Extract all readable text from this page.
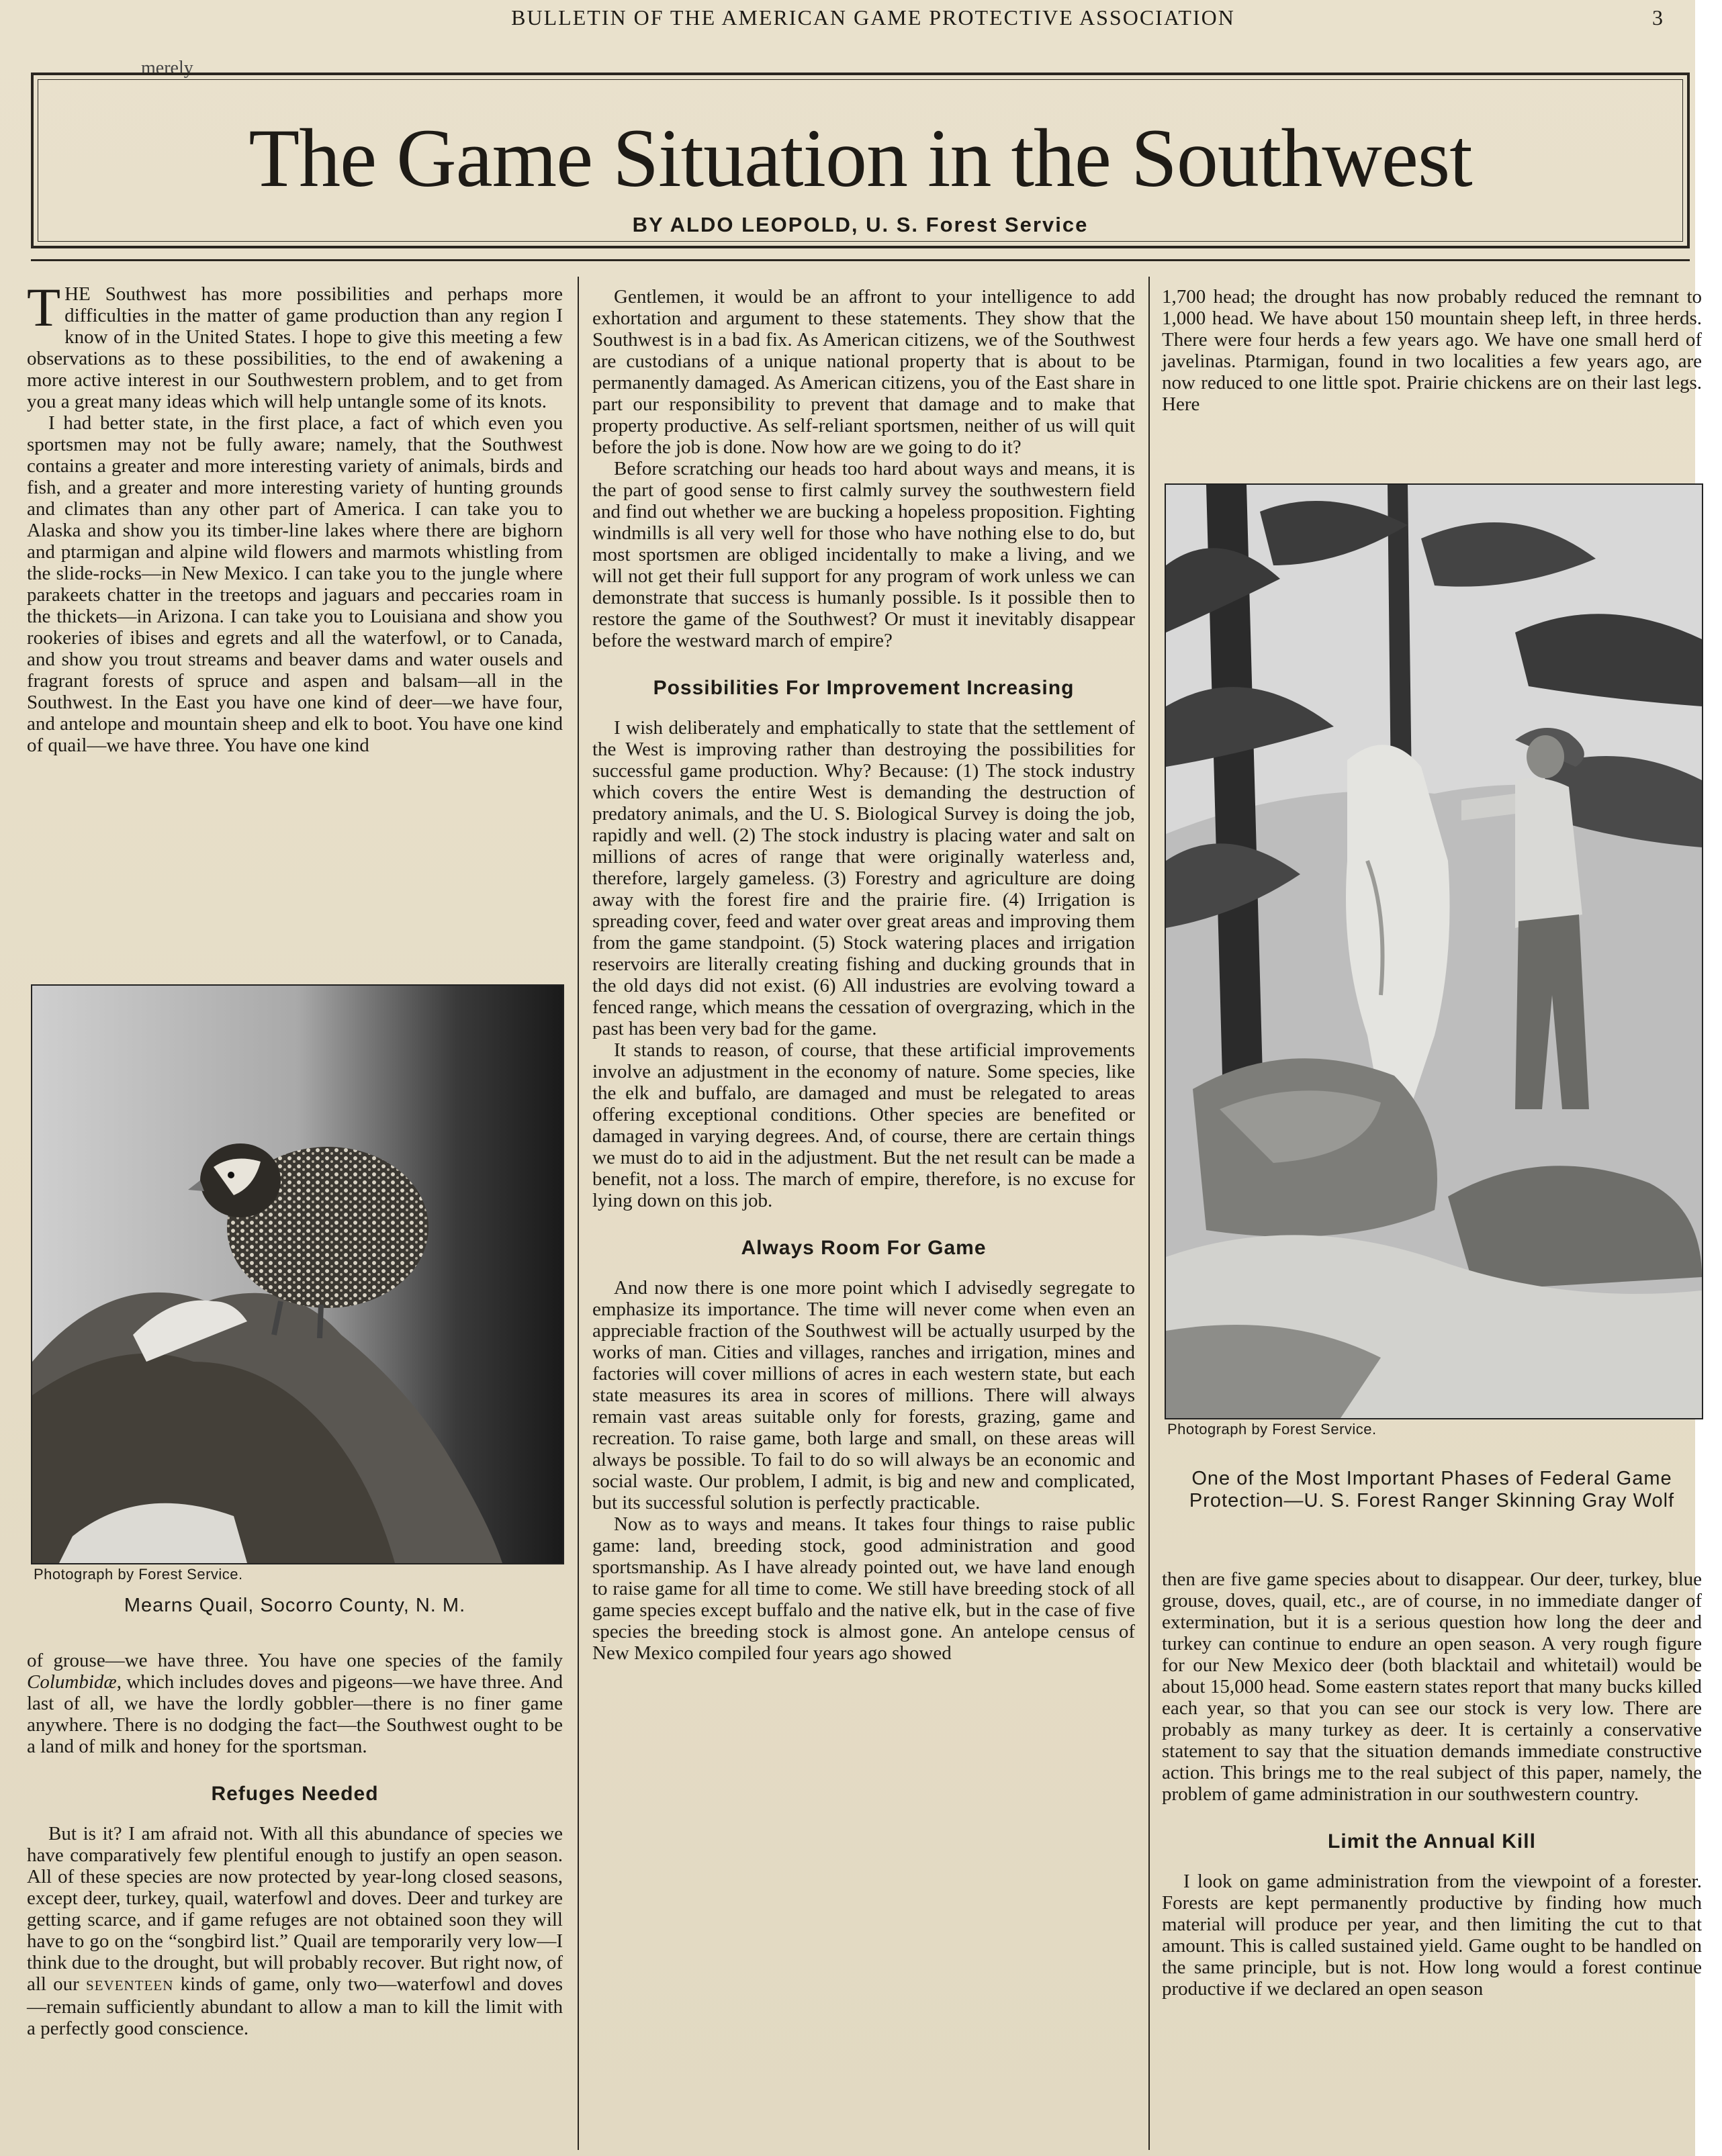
BULLETIN OF THE AMERICAN GAME PROTECTIVE ASSOCIATION	3
merely
The Game Situation in the Southwest
BY ALDO LEOPOLD, U. S. Forest Service

THE Southwest has more possibilities and perhaps more difficulties in the matter of game production than any region I know of in the United States. I hope to give this meeting a few observations as to these possibilities, to the end of awakening a more active interest in our Southwestern problem, and to get from you a great many ideas which will help untangle some of its knots.

I had better state, in the first place, a fact of which even you sportsmen may not be fully aware; namely, that the Southwest contains a greater and more interesting variety of animals, birds and fish, and a greater and more interesting variety of hunting grounds and climates than any other part of America. I can take you to Alaska and show you its timber-line lakes where there are bighorn and ptarmigan and alpine wild flowers and marmots whistling from the slide-rocks—in New Mexico. I can take you to the jungle where parakeets chatter in the treetops and jaguars and peccaries roam in the thickets—in Arizona. I can take you to Louisiana and show you rookeries of ibises and egrets and all the waterfowl, or to Canada, and show you trout streams and beaver dams and water ousels and fragrant forests of spruce and aspen and balsam—all in the Southwest. In the East you have one kind of deer—we have four, and antelope and mountain sheep and elk to boot. You have one kind of quail—we have three. You have one kind

Photograph by Forest Service.
Mearns Quail, Socorro County, N. M.

of grouse—we have three. You have one species of the family Columbidæ, which includes doves and pigeons—we have three. And last of all, we have the lordly gobbler—there is no finer game anywhere. There is no dodging the fact—the Southwest ought to be a land of milk and honey for the sportsman.

Refuges Needed

But is it? I am afraid not. With all this abundance of species we have comparatively few plentiful enough to justify an open season. All of these species are now protected by year-long closed seasons, except deer, turkey, quail, waterfowl and doves. Deer and turkey are getting scarce, and if game refuges are not obtained soon they will have to go on the “songbird list.” Quail are temporarily very low—I think due to the drought, but will probably recover. But right now, of all our SEVENTEEN kinds of game, only two—waterfowl and doves—remain sufficiently abundant to allow a man to kill the limit with a perfectly good conscience.

Gentlemen, it would be an affront to your intelligence to add exhortation and argument to these statements. They show that the Southwest is in a bad fix. As American citizens, we of the Southwest are custodians of a unique national property that is about to be permanently damaged. As American citizens, you of the East share in part our responsibility to prevent that damage and to make that property productive. As self-reliant sportsmen, neither of us will quit before the job is done. Now how are we going to do it?

Before scratching our heads too hard about ways and means, it is the part of good sense to first calmly survey the southwestern field and find out whether we are bucking a hopeless proposition. Fighting windmills is all very well for those who have nothing else to do, but most sportsmen are obliged incidentally to make a living, and we will not get their full support for any program of work unless we can demonstrate that success is humanly possible. Is it possible then to restore the game of the Southwest? Or must it inevitably disappear before the westward march of empire?

Possibilities For Improvement Increasing

I wish deliberately and emphatically to state that the settlement of the West is improving rather than destroying the possibilities for successful game production. Why? Because: (1) The stock industry which covers the entire West is demanding the destruction of predatory animals, and the U. S. Biological Survey is doing the job, rapidly and well. (2) The stock industry is placing water and salt on millions of acres of range that were originally waterless and, therefore, largely gameless. (3) Forestry and agriculture are doing away with the forest fire and the prairie fire. (4) Irrigation is spreading cover, feed and water over great areas and improving them from the game standpoint. (5) Stock watering places and irrigation reservoirs are literally creating fishing and ducking grounds that in the old days did not exist. (6) All industries are evolving toward a fenced range, which means the cessation of overgrazing, which in the past has been very bad for the game.

It stands to reason, of course, that these artificial improvements involve an adjustment in the economy of nature. Some species, like the elk and buffalo, are damaged and must be relegated to areas offering exceptional conditions. Other species are benefited or damaged in varying degrees. And, of course, there are certain things we must do to aid in the adjustment. But the net result can be made a benefit, not a loss. The march of empire, therefore, is no excuse for lying down on this job.

Always Room For Game

And now there is one more point which I advisedly segregate to emphasize its importance. The time will never come when even an appreciable fraction of the Southwest will be actually usurped by the works of man. Cities and villages, ranches and irrigation, mines and factories will cover millions of acres in each western state, but each state measures its area in scores of millions. There will always remain vast areas suitable only for forests, grazing, game and recreation. To raise game, both large and small, on these areas will always be possible. To fail to do so will always be an economic and social waste. Our problem, I admit, is big and new and complicated, but its successful solution is perfectly practicable.

Now as to ways and means. It takes four things to raise public game: land, breeding stock, good administration and good sportsmanship. As I have already pointed out, we have land enough to raise game for all time to come. We still have breeding stock of all game species except buffalo and the native elk, but in the case of five species the breeding stock is almost gone. An antelope census of New Mexico compiled four years ago showed

1,700 head; the drought has now probably reduced the remnant to 1,000 head. We have about 150 mountain sheep left, in three herds. There were four herds a few years ago. We have one small herd of javelinas. Ptarmigan, found in two localities a few years ago, are now reduced to one little spot. Prairie chickens are on their last legs. Here

Photograph by Forest Service.
One of the Most Important Phases of Federal Game Protection—U. S. Forest Ranger Skinning Gray Wolf

then are five game species about to disappear. Our deer, turkey, blue grouse, doves, quail, etc., are of course, in no immediate danger of extermination, but it is a serious question how long the deer and turkey can continue to endure an open season. A very rough figure for our New Mexico deer (both blacktail and whitetail) would be about 15,000 head. Some eastern states report that many bucks killed each year, so that you can see our stock is very low. There are probably as many turkey as deer. It is certainly a conservative statement to say that the situation demands immediate constructive action. This brings me to the real subject of this paper, namely, the problem of game administration in our southwestern country.

Limit the Annual Kill

I look on game administration from the viewpoint of a forester. Forests are kept permanently productive by finding how much material will produce per year, and then limiting the cut to that amount. This is called sustained yield. Game ought to be handled on the same principle, but is not. How long would a forest continue productive if we declared an open season
